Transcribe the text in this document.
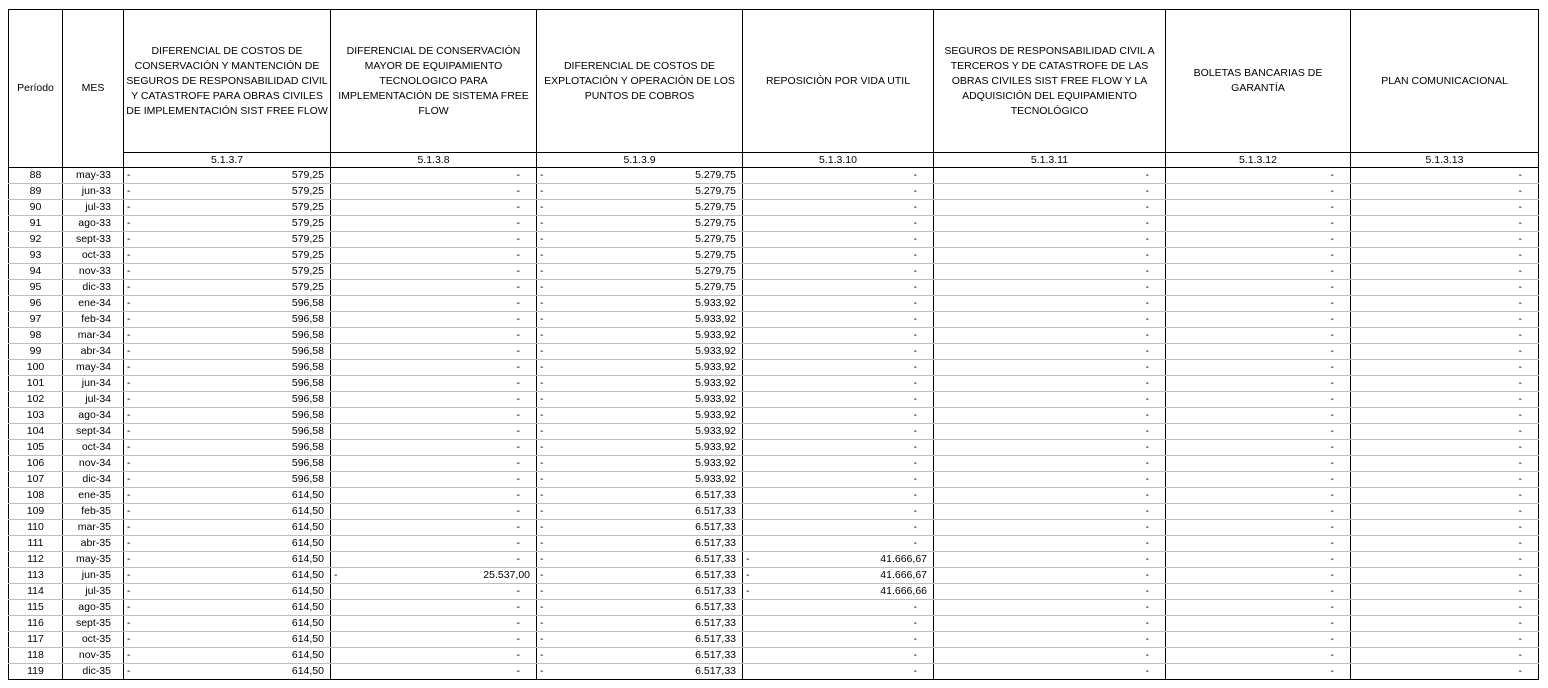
Período	MES	DIFERENCIAL DE COSTOS DE CONSERVACIÓN Y MANTENCIÓN DE SEGUROS DE RESPONSABILIDAD CIVIL Y CATASTROFE PARA OBRAS CIVILES DE IMPLEMENTACIÓN SIST FREE FLOW	DIFERENCIAL DE CONSERVACIÓN MAYOR DE EQUIPAMIENTO TECNOLOGICO PARA IMPLEMENTACIÓN DE SISTEMA FREE FLOW	DIFERENCIAL DE COSTOS DE EXPLOTACIÓN Y OPERACIÓN DE LOS PUNTOS DE COBROS	REPOSICIÓN POR VIDA UTIL	SEGUROS DE RESPONSABILIDAD CIVIL A TERCEROS Y DE CATASTROFE DE LAS OBRAS CIVILES SIST FREE FLOW Y LA ADQUISICIÓN DEL EQUIPAMIENTO TECNOLÓGICO	BOLETAS BANCARIAS DE GARANTÍA	PLAN COMUNICACIONAL
		5.1.3.7	5.1.3.8	5.1.3.9	5.1.3.10	5.1.3.11	5.1.3.12	5.1.3.13
88	may-33	- 579,25	-	- 5.279,75	-	-	-	-
89	jun-33	- 579,25	-	- 5.279,75	-	-	-	-
90	jul-33	- 579,25	-	- 5.279,75	-	-	-	-
91	ago-33	- 579,25	-	- 5.279,75	-	-	-	-
92	sept-33	- 579,25	-	- 5.279,75	-	-	-	-
93	oct-33	- 579,25	-	- 5.279,75	-	-	-	-
94	nov-33	- 579,25	-	- 5.279,75	-	-	-	-
95	dic-33	- 579,25	-	- 5.279,75	-	-	-	-
96	ene-34	- 596,58	-	- 5.933,92	-	-	-	-
97	feb-34	- 596,58	-	- 5.933,92	-	-	-	-
98	mar-34	- 596,58	-	- 5.933,92	-	-	-	-
99	abr-34	- 596,58	-	- 5.933,92	-	-	-	-
100	may-34	- 596,58	-	- 5.933,92	-	-	-	-
101	jun-34	- 596,58	-	- 5.933,92	-	-	-	-
102	jul-34	- 596,58	-	- 5.933,92	-	-	-	-
103	ago-34	- 596,58	-	- 5.933,92	-	-	-	-
104	sept-34	- 596,58	-	- 5.933,92	-	-	-	-
105	oct-34	- 596,58	-	- 5.933,92	-	-	-	-
106	nov-34	- 596,58	-	- 5.933,92	-	-	-	-
107	dic-34	- 596,58	-	- 5.933,92	-	-	-	-
108	ene-35	- 614,50	-	- 6.517,33	-	-	-	-
109	feb-35	- 614,50	-	- 6.517,33	-	-	-	-
110	mar-35	- 614,50	-	- 6.517,33	-	-	-	-
111	abr-35	- 614,50	-	- 6.517,33	-	-	-	-
112	may-35	- 614,50	-	- 6.517,33	- 41.666,67	-	-	-
113	jun-35	- 614,50	- 25.537,00	- 6.517,33	- 41.666,67	-	-	-
114	jul-35	- 614,50	-	- 6.517,33	- 41.666,66	-	-	-
115	ago-35	- 614,50	-	- 6.517,33	-	-	-	-
116	sept-35	- 614,50	-	- 6.517,33	-	-	-	-
117	oct-35	- 614,50	-	- 6.517,33	-	-	-	-
118	nov-35	- 614,50	-	- 6.517,33	-	-	-	-
119	dic-35	- 614,50	-	- 6.517,33	-	-	-	-
